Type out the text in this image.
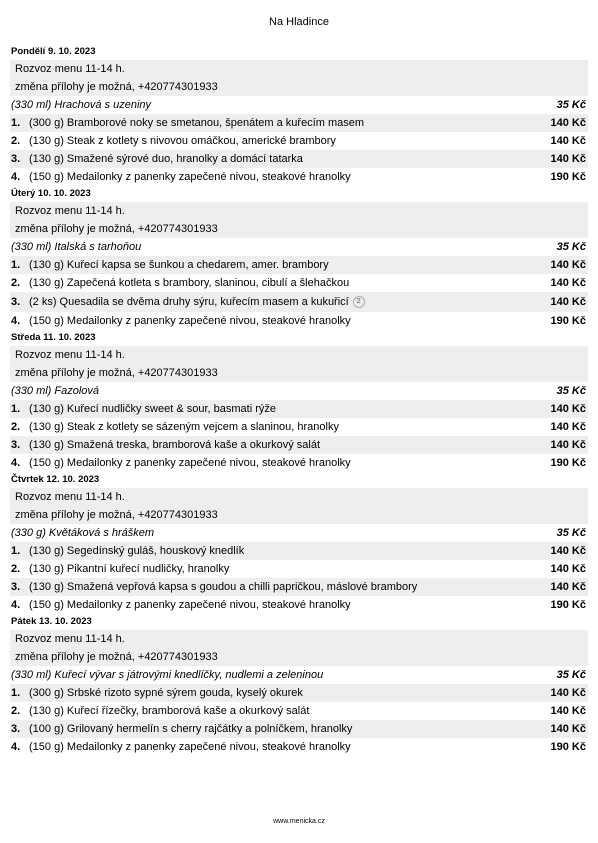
Na Hladince
Pondělí 9. 10. 2023
Rozvoz menu 11-14 h.
změna přílohy je možná, +420774301933
(330 ml) Hrachová s uzeniny	35 Kč
1. (300 g) Bramborové noky se smetanou, špenátem a kuřecím masem	140 Kč
2. (130 g) Steak z kotlety s nivovou omáčkou, americké brambory	140 Kč
3. (130 g) Smažené sýrové duo, hranolky a domácí tatarka	140 Kč
4. (150 g) Medailonky z panenky zapečené nivou, steakové hranolky	190 Kč
Úterý 10. 10. 2023
Rozvoz menu 11-14 h.
změna přílohy je možná, +420774301933
(330 ml) Italská s tarhoňou	35 Kč
1. (130 g) Kuřecí kapsa se šunkou a chedarem, amer. brambory	140 Kč
2. (130 g) Zapečená kotleta s brambory, slaninou, cibulí a šlehačkou	140 Kč
3. (2 ks) Quesadila se dvěma druhy sýru, kuřecím masem a kukuřicí 2	140 Kč
4. (150 g) Medailonky z panenky zapečené nivou, steakové hranolky	190 Kč
Středa 11. 10. 2023
Rozvoz menu 11-14 h.
změna přílohy je možná, +420774301933
(330 ml) Fazolová	35 Kč
1. (130 g) Kuřecí nudličky sweet & sour, basmati rýže	140 Kč
2. (130 g) Steak z kotlety se sázeným vejcem a slaninou, hranolky	140 Kč
3. (130 g) Smažená treska, bramborová kaše a okurkový salát	140 Kč
4. (150 g) Medailonky z panenky zapečené nivou, steakové hranolky	190 Kč
Čtvrtek 12. 10. 2023
Rozvoz menu 11-14 h.
změna přílohy je možná, +420774301933
(330 g) Květáková s hráškem	35 Kč
1. (130 g) Segedínský guláš, houskový knedlík	140 Kč
2. (130 g) Pikantní kuřecí nudličky, hranolky	140 Kč
3. (130 g) Smažená vepřová kapsa s goudou a chilli papričkou, máslové brambory	140 Kč
4. (150 g) Medailonky z panenky zapečené nivou, steakové hranolky	190 Kč
Pátek 13. 10. 2023
Rozvoz menu 11-14 h.
změna přílohy je možná, +420774301933
(330 ml) Kuřecí vývar s játrovými knedlíčky, nudlemi a zeleninou	35 Kč
1. (300 g) Srbské rizoto sypné sýrem gouda, kyselý okurek	140 Kč
2. (130 g) Kuřecí řízečky, bramborová kaše a okurkový salát	140 Kč
3. (100 g) Grilovaný hermelín s cherry rajčátky a polníčkem, hranolky	140 Kč
4. (150 g) Medailonky z panenky zapečené nivou, steakové hranolky	190 Kč
www.menicka.cz
